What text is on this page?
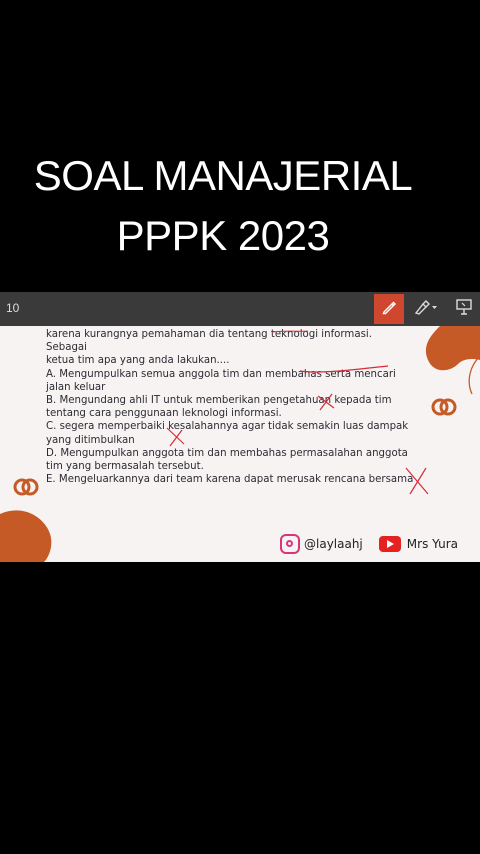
SOAL MANAJERIAL
PPPK 2023
10

karena kurangnya pemahaman dia tentang teknologi informasi. Sebagai

ketua tim apa yang anda lakukan....

A. Mengumpulkan semua anggola tim dan membahas serta mencari

jalan keluar

B. Mengundang ahli IT untuk memberikan pengetahuan kepada tim

tentang cara penggunaan leknologi informasi.

C. segera memperbaiki kesalahannya agar tidak semakin luas dampak

yang ditimbulkan

D. Mengumpulkan anggota tim dan membahas permasalahan anggota

tim yang bermasalah tersebut.

E. Mengeluarkannya dari team karena dapat merusak rencana bersama

@laylaahj	Mrs Yura
